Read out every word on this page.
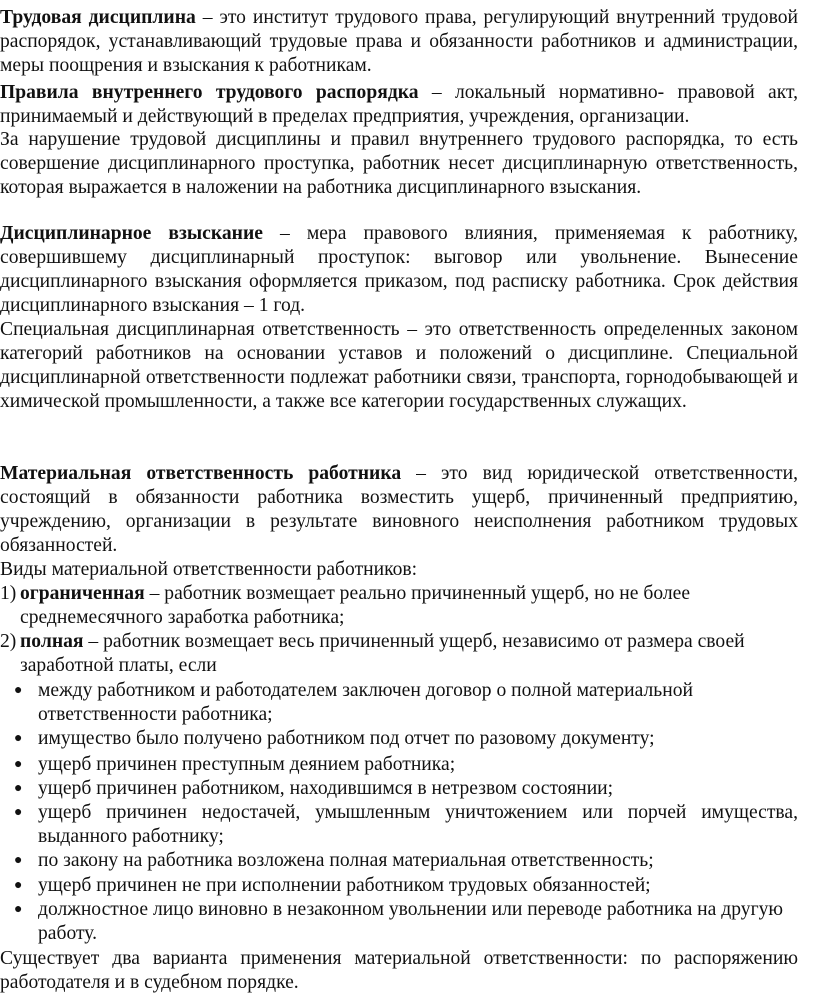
Трудовая дисциплина – это институт трудового права, регулирующий внутренний трудовой распорядок, устанавливающий трудовые права и обязанности работников и администрации, меры поощрения и взыскания к работникам.

Правила внутреннего трудового распорядка – локальный нормативно- правовой акт, принимаемый и действующий в пределах предприятия, учреждения, организации.

За нарушение трудовой дисциплины и правил внутреннего трудового распорядка, то есть совершение дисциплинарного проступка, работник несет дисциплинарную ответственность, которая выражается в наложении на работника дисциплинарного взыскания.

Дисциплинарное взыскание – мера правового влияния, применяемая к работнику, совершившему дисциплинарный проступок: выговор или увольнение. Вынесение дисциплинарного взыскания оформляется приказом, под расписку работника. Срок действия дисциплинарного взыскания – 1 год.

Специальная дисциплинарная ответственность – это ответственность определенных законом категорий работников на основании уставов и положений о дисциплине. Специальной дисциплинарной ответственности подлежат работники связи, транспорта, горнодобывающей и химической промышленности, а также все категории государственных служащих.

Материальная ответственность работника – это вид юридической ответственности, состоящий в обязанности работника возместить ущерб, причиненный предприятию, учреждению, организации в результате виновного неисполнения работником трудовых обязанностей.

Виды материальной ответственности работников:

1) ограниченная – работник возмещает реально причиненный ущерб, но не более среднемесячного заработка работника;
2) полная – работник возмещает весь причиненный ущерб, независимо от размера своей заработной платы, если
● между работником и работодателем заключен договор о полной материальной ответственности работника;
● имущество было получено работником под отчет по разовому документу;
● ущерб причинен преступным деянием работника;
● ущерб причинен работником, находившимся в нетрезвом состоянии;
● ущерб причинен недостачей, умышленным уничтожением или порчей имущества, выданного работнику;
● по закону на работника возложена полная материальная ответственность;
● ущерб причинен не при исполнении работником трудовых обязанностей;
● должностное лицо виновно в незаконном увольнении или переводе работника на другую работу.

Существует два варианта применения материальной ответственности: по распоряжению работодателя и в судебном порядке.
